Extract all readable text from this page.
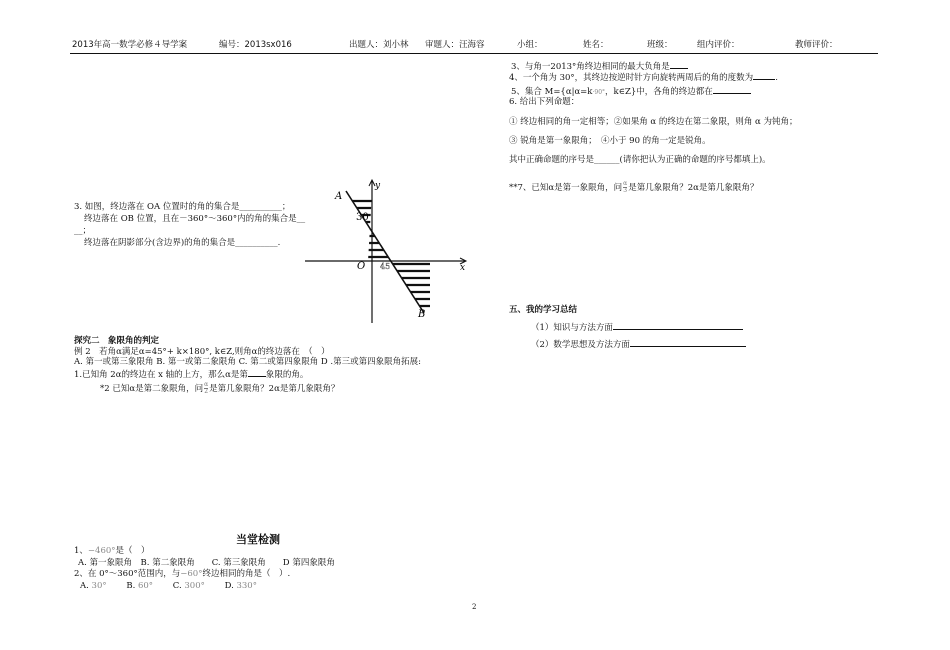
2013年高一数学必修４导学案	编号：2013sx016	出题人：刘小林 审题人：汪海容	小组：	姓名：	班级：	组内评价：	教师评价：
3. 如图，终边落在 OA 位置时的角的集合是__________；
终边落在 OB 位置，且在－360°～360°内的角的集合是__
__；
终边落在阴影部分(含边界)的角的集合是__________.
A
y
30
O 45	x
B
探究二　象限角的判定
例 2　若角α满足α=45°+ k×180°, k∈Z,则角α的终边落在　（　）
A. 第一或第三象限角 B. 第一或第二象限角 C. 第二或第四象限角 D .第三或第四象限角拓展:
1.已知角 2α的终边在 x 轴的上方，那么α是第 象限的角。
*2 已知α是第二象限角，问 $\frac{\alpha}{2}$ 是第几象限角？2α是第几象限角？
当堂检测
1、−460°是（　）
A. 第一象限角　B. 第二象限角　　C. 第三象限角　　D 第四象限角
2、在 0°～360°范围内，与−60°终边相同的角是（　）.
A. 30°　　 B. 60°　　 C. 300°　　 D. 330°
3、与角一2013°角终边相同的最大负角是
4、一个角为 30°，其终边按逆时针方向旋转两周后的角的度数为	.
5、集合 M={α|α=k·90°，k∈Z}中，各角的终边都在
6. 给出下列命题：
① 终边相同的角一定相等；②如果角 α 的终边在第二象限，则角 α 为钝角；
③ 锐角是第一象限角；　④小于 90 的角一定是锐角。
其中正确命题的序号是______(请你把认为正确的命题的序号都填上)。
**7、已知α是第一象限角，问 $\frac{\alpha}{3}$ 是第几象限角？2α是第几象限角？
五、我的学习总结
（1）知识与方法方面
（2）数学思想及方法方面
2
